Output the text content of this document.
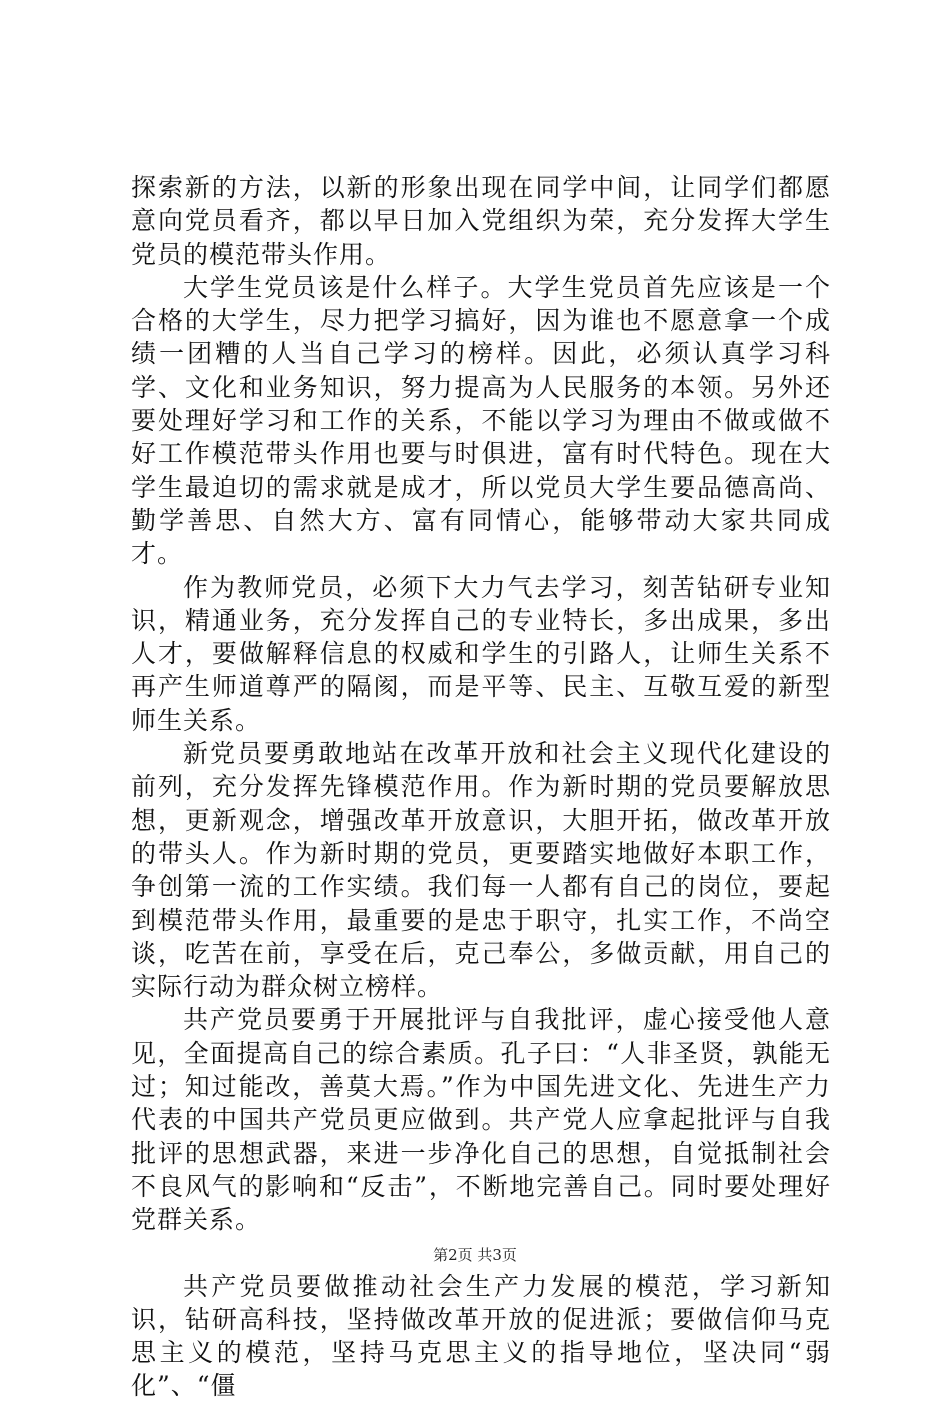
探索新的方法，以新的形象出现在同学中间，让同学们都愿意向党员看齐，都以早日加入党组织为荣，充分发挥大学生党员的模范带头作用。

大学生党员该是什么样子。大学生党员首先应该是一个合格的大学生，尽力把学习搞好，因为谁也不愿意拿一个成绩一团糟的人当自己学习的榜样。因此，必须认真学习科学、文化和业务知识，努力提高为人民服务的本领。另外还要处理好学习和工作的关系，不能以学习为理由不做或做不好工作模范带头作用也要与时俱进，富有时代特色。现在大学生最迫切的需求就是成才，所以党员大学生要品德高尚、勤学善思、自然大方、富有同情心，能够带动大家共同成才。

作为教师党员，必须下大力气去学习，刻苦钻研专业知识，精通业务，充分发挥自己的专业特长，多出成果，多出人才，要做解释信息的权威和学生的引路人，让师生关系不再产生师道尊严的隔阂，而是平等、民主、互敬互爱的新型师生关系。

新党员要勇敢地站在改革开放和社会主义现代化建设的前列，充分发挥先锋模范作用。作为新时期的党员要解放思想，更新观念，增强改革开放意识，大胆开拓，做改革开放的带头人。作为新时期的党员，更要踏实地做好本职工作，争创第一流的工作实绩。我们每一人都有自己的岗位，要起到模范带头作用，最重要的是忠于职守，扎实工作，不尚空谈，吃苦在前，享受在后，克己奉公，多做贡献，用自己的实际行动为群众树立榜样。

共产党员要勇于开展批评与自我批评，虚心接受他人意见，全面提高自己的综合素质。孔子曰：“人非圣贤，孰能无过；知过能改，善莫大焉。”作为中国先进文化、先进生产力代表的中国共产党员更应做到。共产党人应拿起批评与自我批评的思想武器，来进一步净化自己的思想，自觉抵制社会不良风气的影响和“反击”，不断地完善自己。同时要处理好党群关系。

共产党员要做推动社会生产力发展的模范，学习新知识，钻研高科技，坚持做改革开放的促进派；要做信仰马克思主义的模范，坚持马克思主义的指导地位，坚决同“弱化”、“僵

第2页 共3页
